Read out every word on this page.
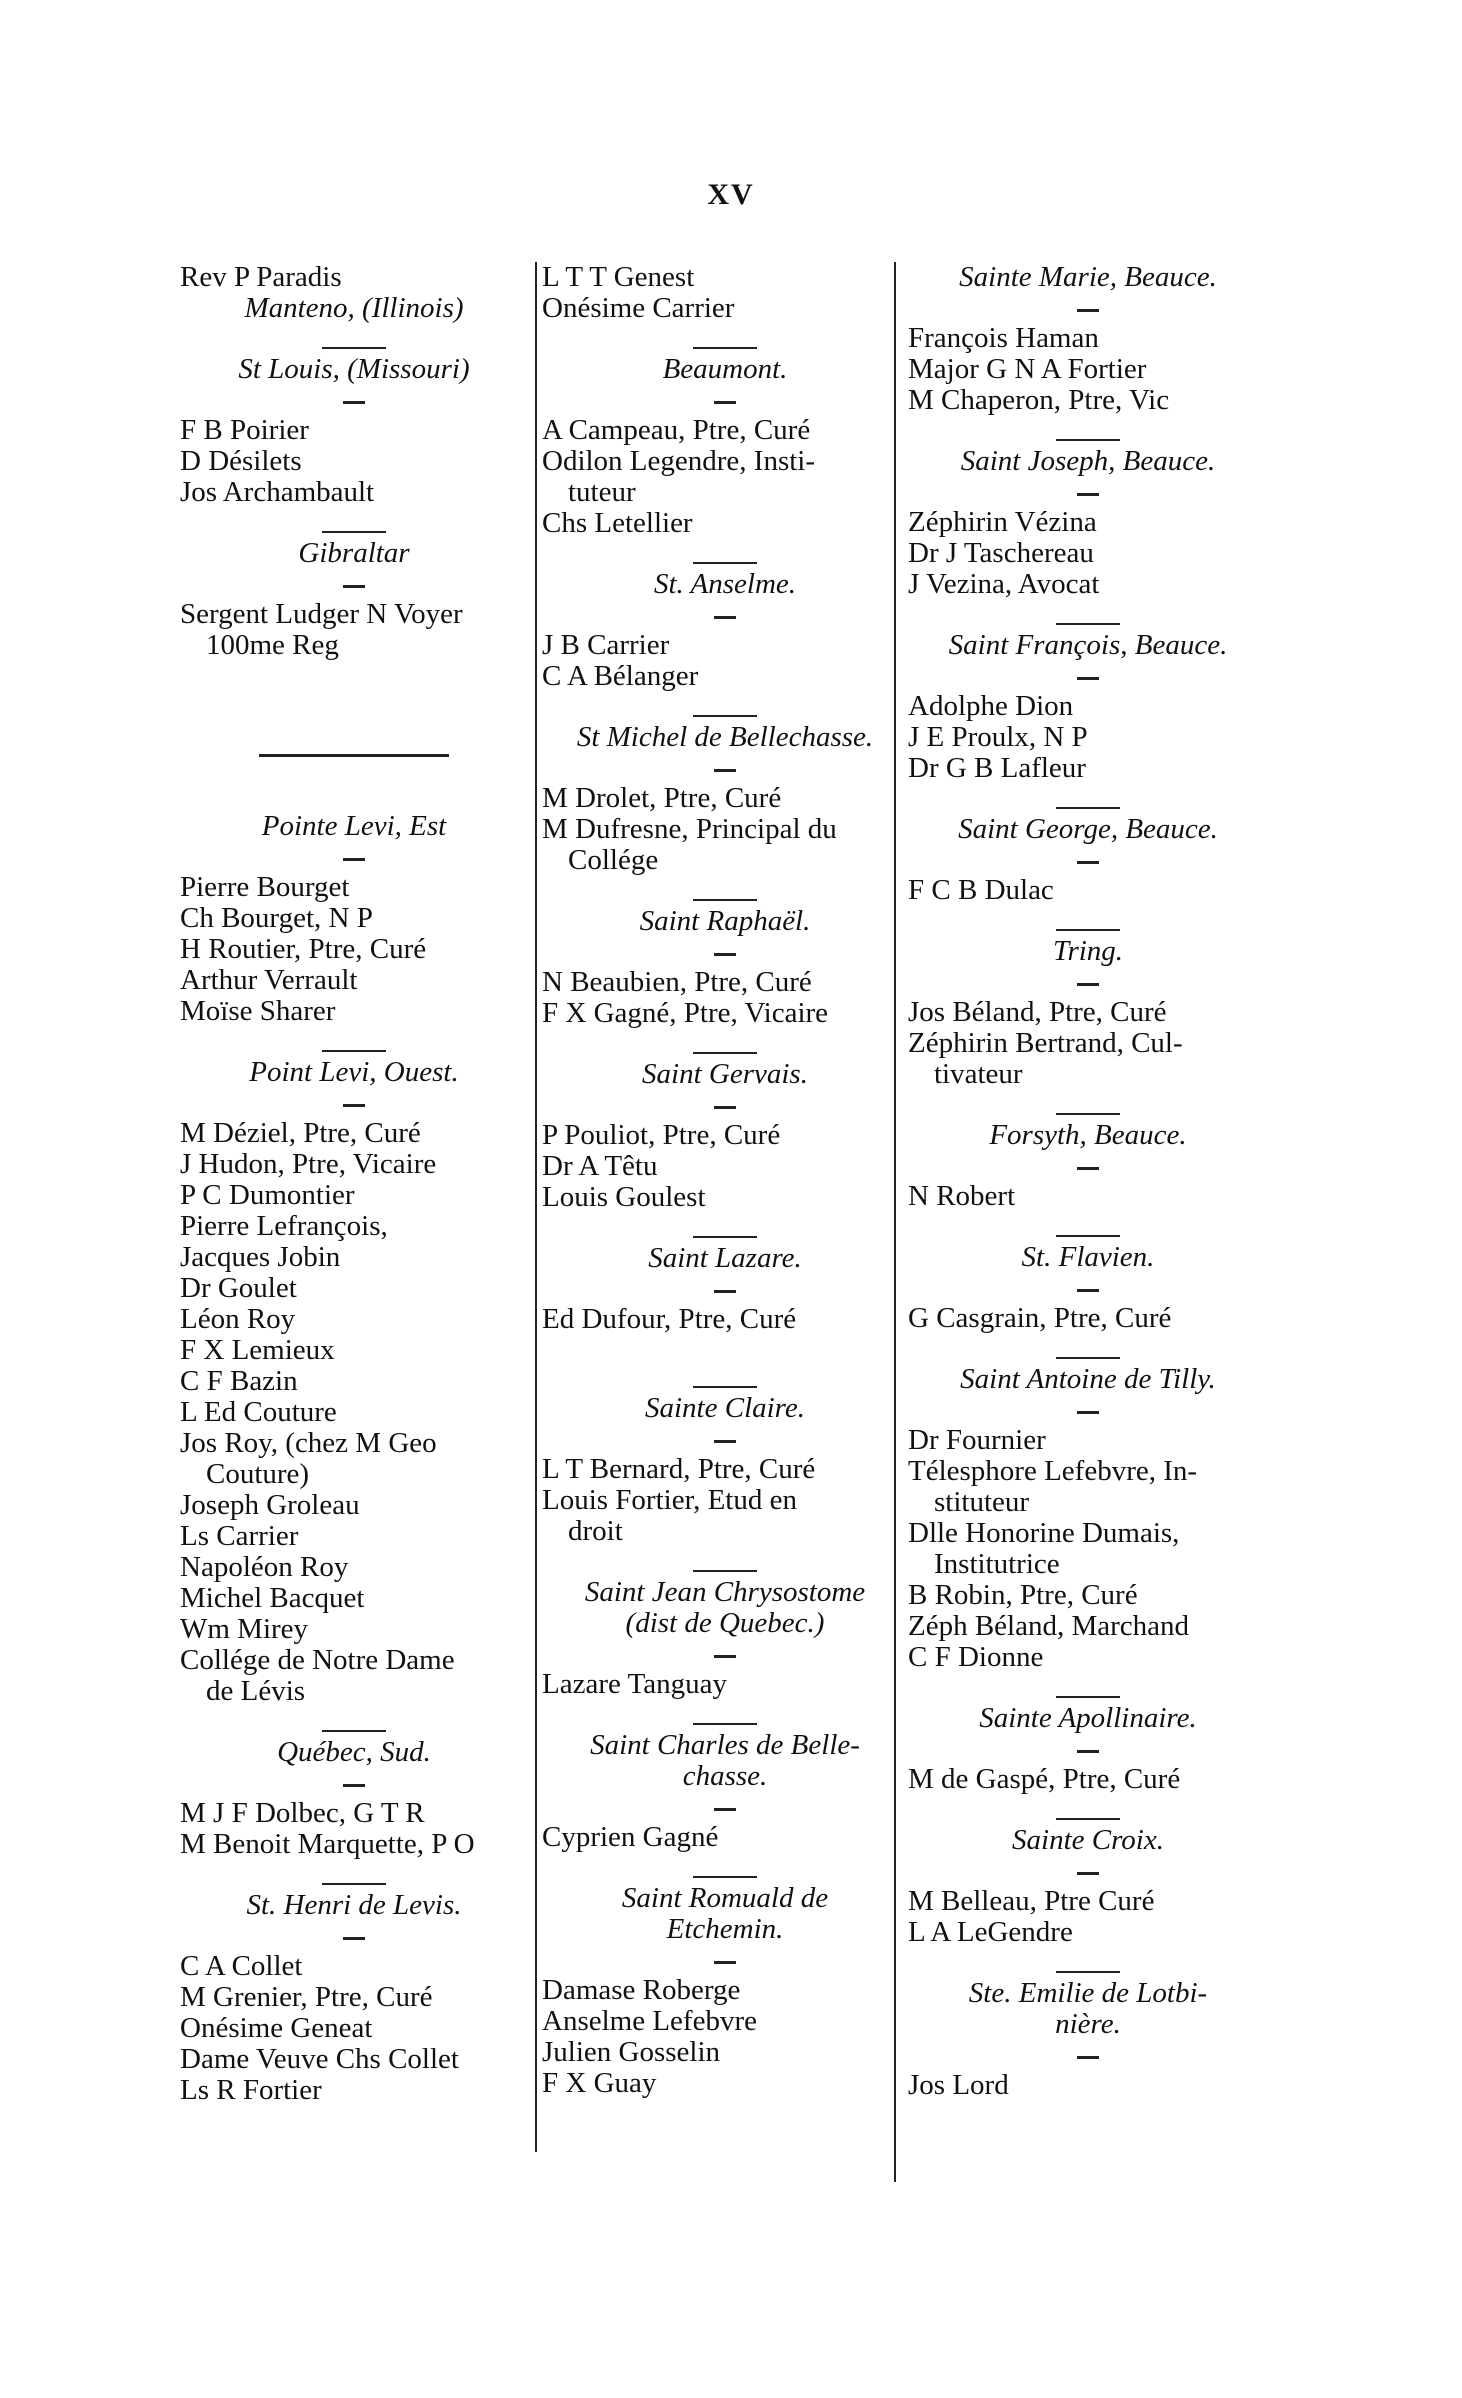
XV

Rev P Paradis

Manteno, (Illinois)

St Louis, (Missouri)

F B Poirier

D Désilets

Jos Archambault

Gibraltar

Sergent Ludger N Voyer

100me Reg

Pointe Levi, Est

Pierre Bourget

Ch Bourget, N P

H Routier, Ptre, Curé

Arthur Verrault

Moïse Sharer

Point Levi, Ouest.

M Déziel, Ptre, Curé

J Hudon, Ptre, Vicaire

P C Dumontier

Pierre Lefrançois,

Jacques Jobin

Dr Goulet

Léon Roy

F X Lemieux

C F Bazin

L Ed Couture

Jos Roy, (chez M Geo

Couture)

Joseph Groleau

Ls Carrier

Napoléon Roy

Michel Bacquet

Wm Mirey

Collége de Notre Dame

de Lévis

Québec, Sud.

M J F Dolbec, G T R

M Benoit Marquette, P O

St. Henri de Levis.

C A Collet

M Grenier, Ptre, Curé

Onésime Geneat

Dame Veuve Chs Collet

Ls R Fortier

L T T Genest

Onésime Carrier

Beaumont.

A Campeau, Ptre, Curé

Odilon Legendre, Insti-

tuteur

Chs Letellier

St. Anselme.

J B Carrier

C A Bélanger

St Michel de Bellechasse.

M Drolet, Ptre, Curé

M Dufresne, Principal du

Collége

Saint Raphaël.

N Beaubien, Ptre, Curé

F X Gagné, Ptre, Vicaire

Saint Gervais.

P Pouliot, Ptre, Curé

Dr A Têtu

Louis Goulest

Saint Lazare.

Ed Dufour, Ptre, Curé

Sainte Claire.

L T Bernard, Ptre, Curé

Louis Fortier, Etud en

droit

Saint Jean Chrysostome

(dist de Quebec.)

Lazare Tanguay

Saint Charles de Belle-

chasse.

Cyprien Gagné

Saint Romuald de

Etchemin.

Damase Roberge

Anselme Lefebvre

Julien Gosselin

F X Guay

Sainte Marie, Beauce.

François Haman

Major G N A Fortier

M Chaperon, Ptre, Vic

Saint Joseph, Beauce.

Zéphirin Vézina

Dr J Taschereau

J Vezina, Avocat

Saint François, Beauce.

Adolphe Dion

J E Proulx, N P

Dr G B Lafleur

Saint George, Beauce.

F C B Dulac

Tring.

Jos Béland, Ptre, Curé

Zéphirin Bertrand, Cul-

tivateur

Forsyth, Beauce.

N Robert

St. Flavien.

G Casgrain, Ptre, Curé

Saint Antoine de Tilly.

Dr Fournier

Télesphore Lefebvre, In-

stituteur

Dlle Honorine Dumais,

Institutrice

B Robin, Ptre, Curé

Zéph Béland, Marchand

C F Dionne

Sainte Apollinaire.

M de Gaspé, Ptre, Curé

Sainte Croix.

M Belleau, Ptre Curé

L A LeGendre

Ste. Emilie de Lotbi-

nière.

Jos Lord
